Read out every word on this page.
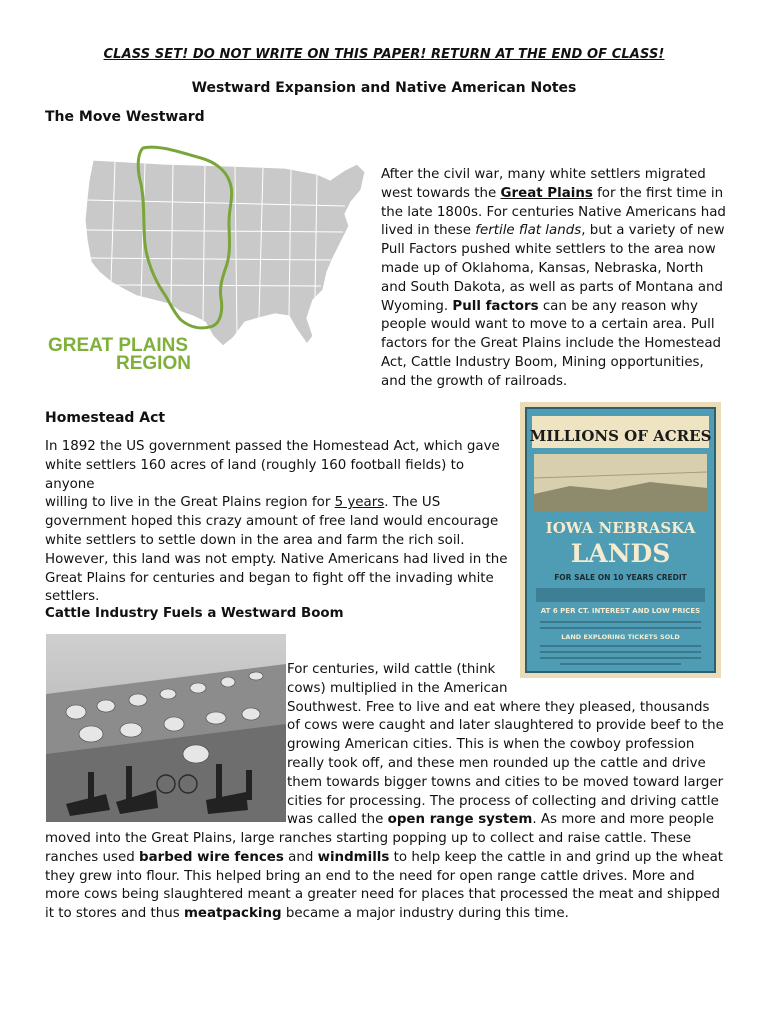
CLASS SET! DO NOT WRITE ON THIS PAPER! RETURN AT THE END OF CLASS!
Westward Expansion and Native American Notes
The Move Westward
GREAT PLAINS
REGION
After the civil war, many white settlers migrated
west towards the Great Plains for the first time in
the late 1800s. For centuries Native Americans had
lived in these fertile flat lands, but a variety of new
Pull Factors pushed white settlers to the area now
made up of Oklahoma, Kansas, Nebraska, North
and South Dakota, as well as parts of Montana and
Wyoming. Pull factors can be any reason why
people would want to move to a certain area. Pull
factors for the Great Plains include the Homestead
Act, Cattle Industry Boom, Mining opportunities,
and the growth of railroads.
Homestead Act
In 1892 the US government passed the Homestead Act, which gave
white settlers 160 acres of land (roughly 160 football fields) to anyone
willing to live in the Great Plains region for 5 years. The US
government hoped this crazy amount of free land would encourage
white settlers to settle down in the area and farm the rich soil.
However, this land was not empty. Native Americans had lived in the
Great Plains for centuries and began to fight off the invading white
settlers.
MILLIONS OF ACRES
IOWA NEBRASKA
LANDS
FOR SALE ON 10 YEARS CREDIT
AT 6 PER CT. INTEREST AND LOW PRICES
LAND EXPLORING TICKETS SOLD
Cattle Industry Fuels a Westward Boom
For centuries, wild cattle (think
cows) multiplied in the American
Southwest. Free to live and eat where they pleased, thousands
of cows were caught and later slaughtered to provide beef to the
growing American cities. This is when the cowboy profession
really took off, and these men rounded up the cattle and drive
them towards bigger towns and cities to be moved toward larger
cities for processing. The process of collecting and driving cattle
was called the open range system. As more and more people
moved into the Great Plains, large ranches starting popping up to collect and raise cattle. These
ranches used barbed wire fences and windmills to help keep the cattle in and grind up the wheat
they grew into flour. This helped bring an end to the need for open range cattle drives. More and
more cows being slaughtered meant a greater need for places that processed the meat and shipped
it to stores and thus meatpacking became a major industry during this time.
